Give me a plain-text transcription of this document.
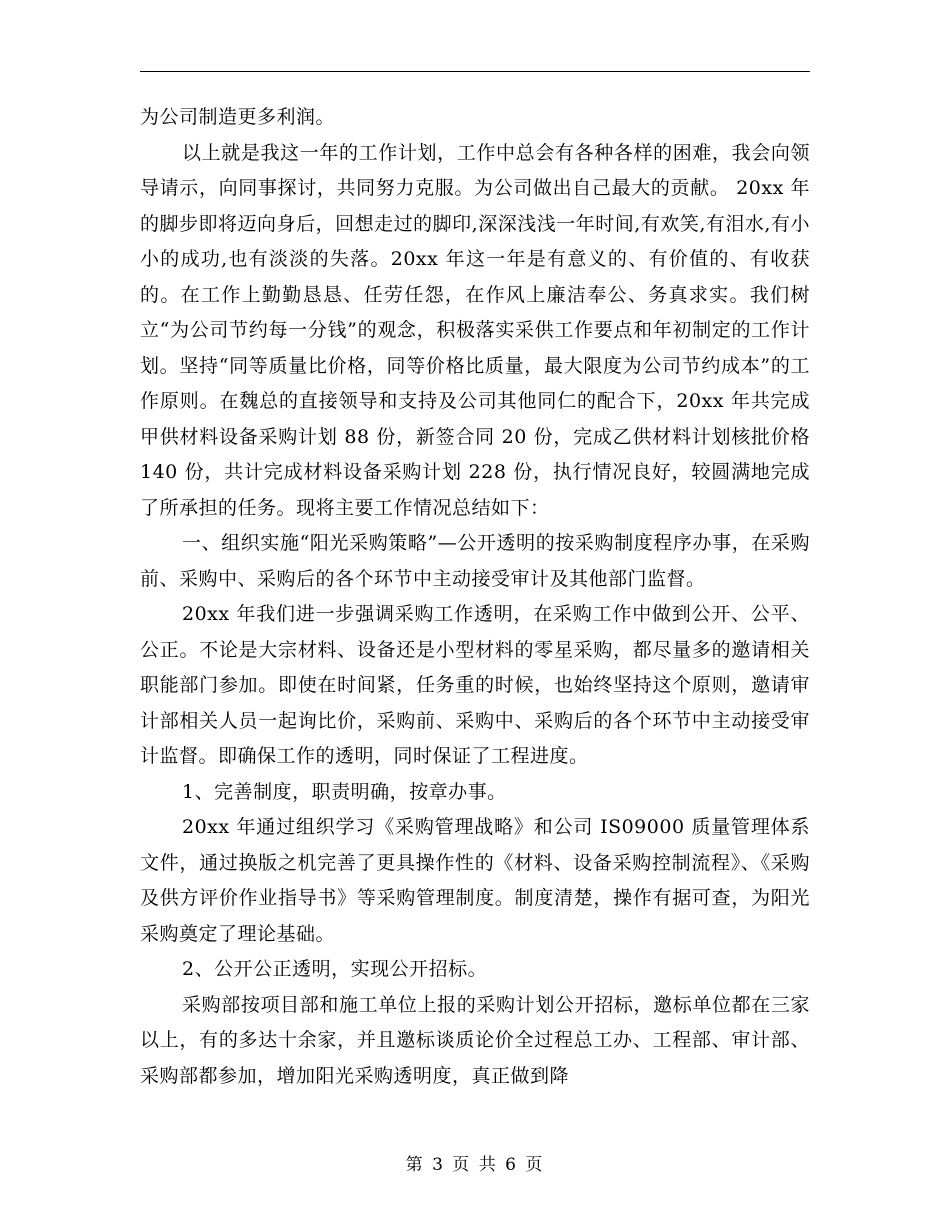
为公司制造更多利润。

以上就是我这一年的工作计划，工作中总会有各种各样的困难，我会向领导请示，向同事探讨，共同努力克服。为公司做出自己最大的贡献。 20xx 年的脚步即将迈向身后，回想走过的脚印,深深浅浅一年时间,有欢笑,有泪水,有小小的成功,也有淡淡的失落。20xx 年这一年是有意义的、有价值的、有收获的。在工作上勤勤恳恳、任劳任怨，在作风上廉洁奉公、务真求实。我们树立“为公司节约每一分钱”的观念，积极落实采供工作要点和年初制定的工作计划。坚持“同等质量比价格，同等价格比质量，最大限度为公司节约成本”的工作原则。在魏总的直接领导和支持及公司其他同仁的配合下，20xx 年共完成甲供材料设备采购计划 88 份，新签合同 20 份，完成乙供材料计划核批价格 140 份，共计完成材料设备采购计划 228 份，执行情况良好，较圆满地完成了所承担的任务。现将主要工作情况总结如下：

一、组织实施“阳光采购策略”—公开透明的按采购制度程序办事，在采购前、采购中、采购后的各个环节中主动接受审计及其他部门监督。

20xx 年我们进一步强调采购工作透明，在采购工作中做到公开、公平、公正。不论是大宗材料、设备还是小型材料的零星采购，都尽量多的邀请相关职能部门参加。即使在时间紧，任务重的时候，也始终坚持这个原则，邀请审计部相关人员一起询比价，采购前、采购中、采购后的各个环节中主动接受审计监督。即确保工作的透明，同时保证了工程进度。

1、完善制度，职责明确，按章办事。

20xx 年通过组织学习《采购管理战略》和公司 IS09000 质量管理体系文件，通过换版之机完善了更具操作性的《材料、设备采购控制流程》、《采购及供方评价作业指导书》等采购管理制度。制度清楚，操作有据可查，为阳光采购奠定了理论基础。

2、公开公正透明，实现公开招标。

采购部按项目部和施工单位上报的采购计划公开招标，邀标单位都在三家以上，有的多达十余家，并且邀标谈质论价全过程总工办、工程部、审计部、采购部都参加，增加阳光采购透明度，真正做到降

第 3 页 共 6 页
